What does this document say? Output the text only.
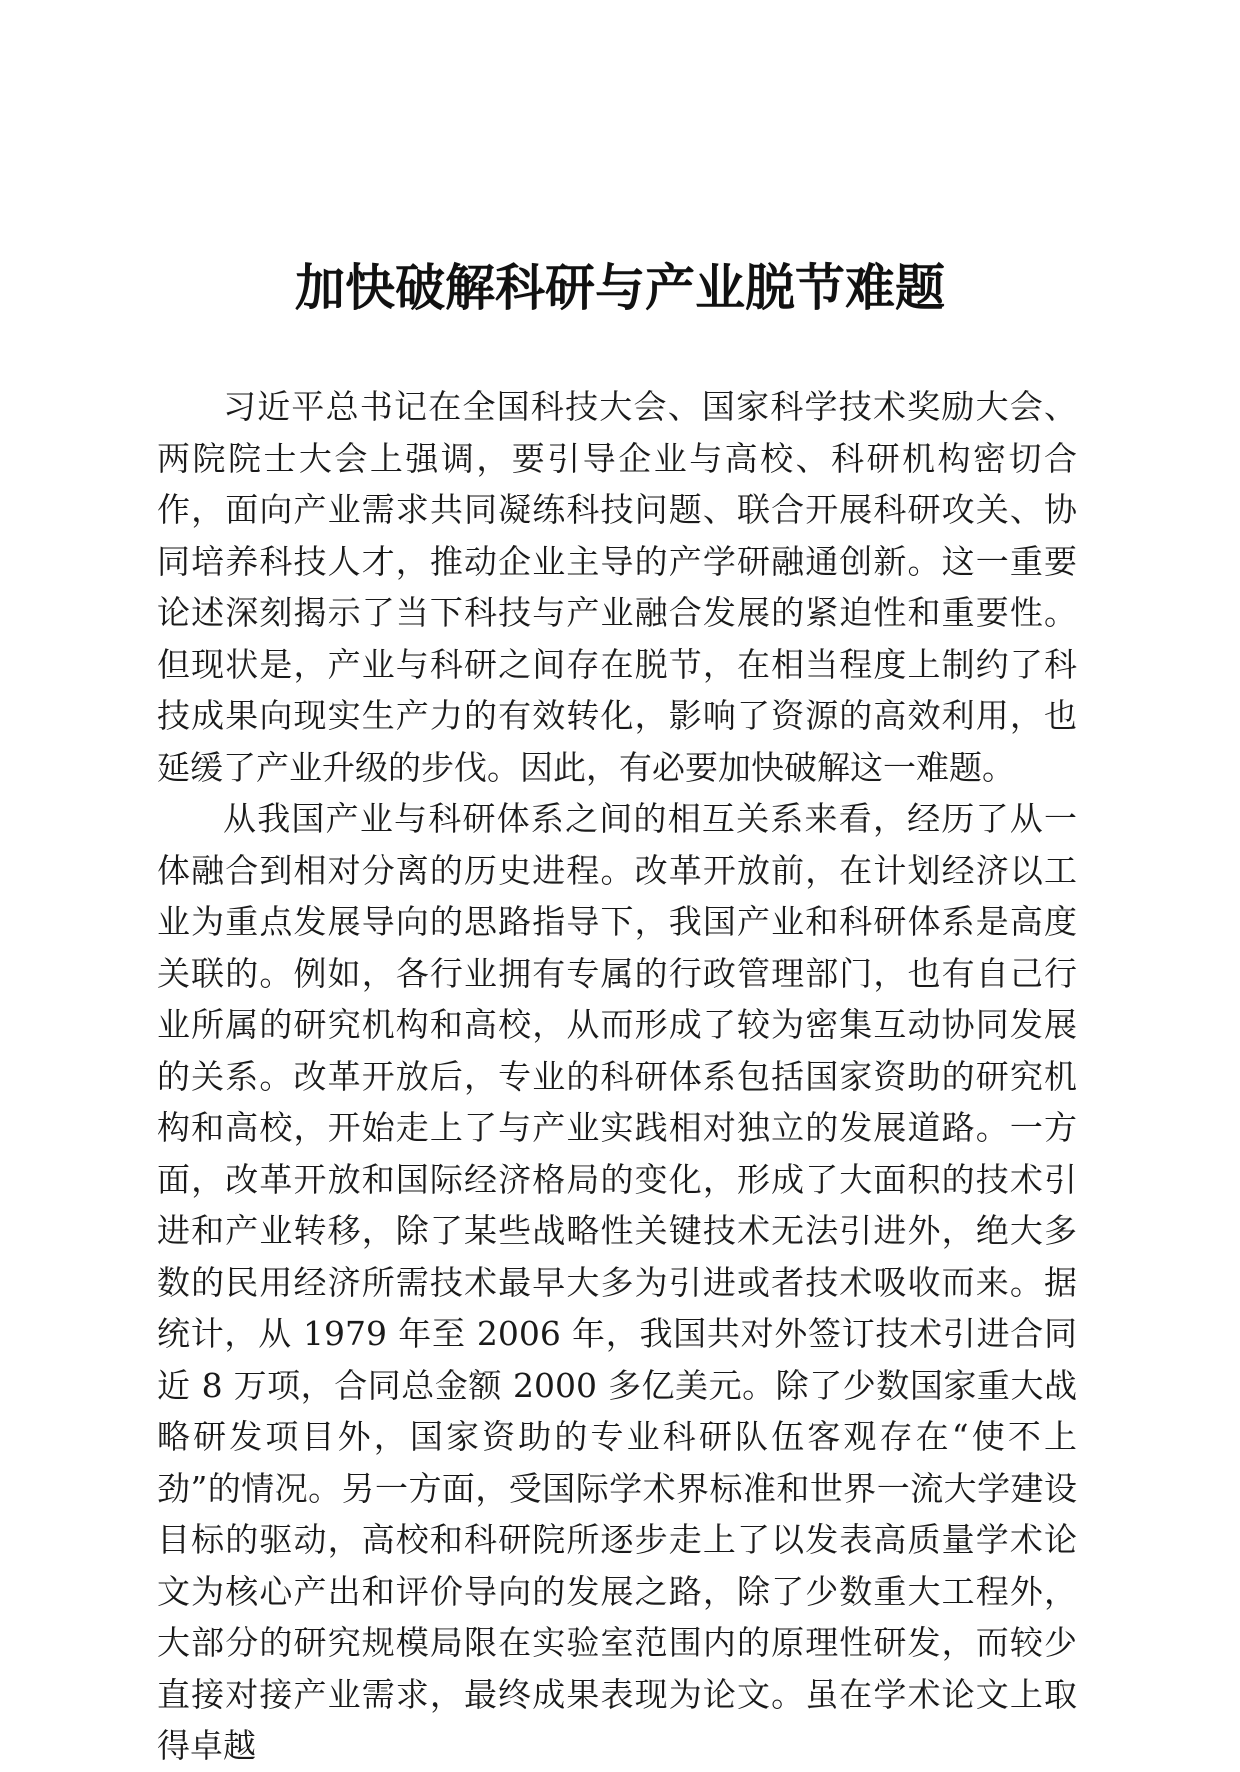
加快破解科研与产业脱节难题

习近平总书记在全国科技大会、国家科学技术奖励大会、两院院士大会上强调，要引导企业与高校、科研机构密切合作，面向产业需求共同凝练科技问题、联合开展科研攻关、协同培养科技人才，推动企业主导的产学研融通创新。这一重要论述深刻揭示了当下科技与产业融合发展的紧迫性和重要性。但现状是，产业与科研之间存在脱节，在相当程度上制约了科技成果向现实生产力的有效转化，影响了资源的高效利用，也延缓了产业升级的步伐。因此，有必要加快破解这一难题。

从我国产业与科研体系之间的相互关系来看，经历了从一体融合到相对分离的历史进程。改革开放前，在计划经济以工业为重点发展导向的思路指导下，我国产业和科研体系是高度关联的。例如，各行业拥有专属的行政管理部门，也有自己行业所属的研究机构和高校，从而形成了较为密集互动协同发展的关系。改革开放后，专业的科研体系包括国家资助的研究机构和高校，开始走上了与产业实践相对独立的发展道路。一方面，改革开放和国际经济格局的变化，形成了大面积的技术引进和产业转移，除了某些战略性关键技术无法引进外，绝大多数的民用经济所需技术最早大多为引进或者技术吸收而来。据统计，从 1979 年至 2006 年，我国共对外签订技术引进合同近 8 万项，合同总金额 2000 多亿美元。除了少数国家重大战略研发项目外，国家资助的专业科研队伍客观存在“使不上劲”的情况。另一方面，受国际学术界标准和世界一流大学建设目标的驱动，高校和科研院所逐步走上了以发表高质量学术论文为核心产出和评价导向的发展之路，除了少数重大工程外，大部分的研究规模局限在实验室范围内的原理性研发，而较少直接对接产业需求，最终成果表现为论文。虽在学术论文上取得卓越
